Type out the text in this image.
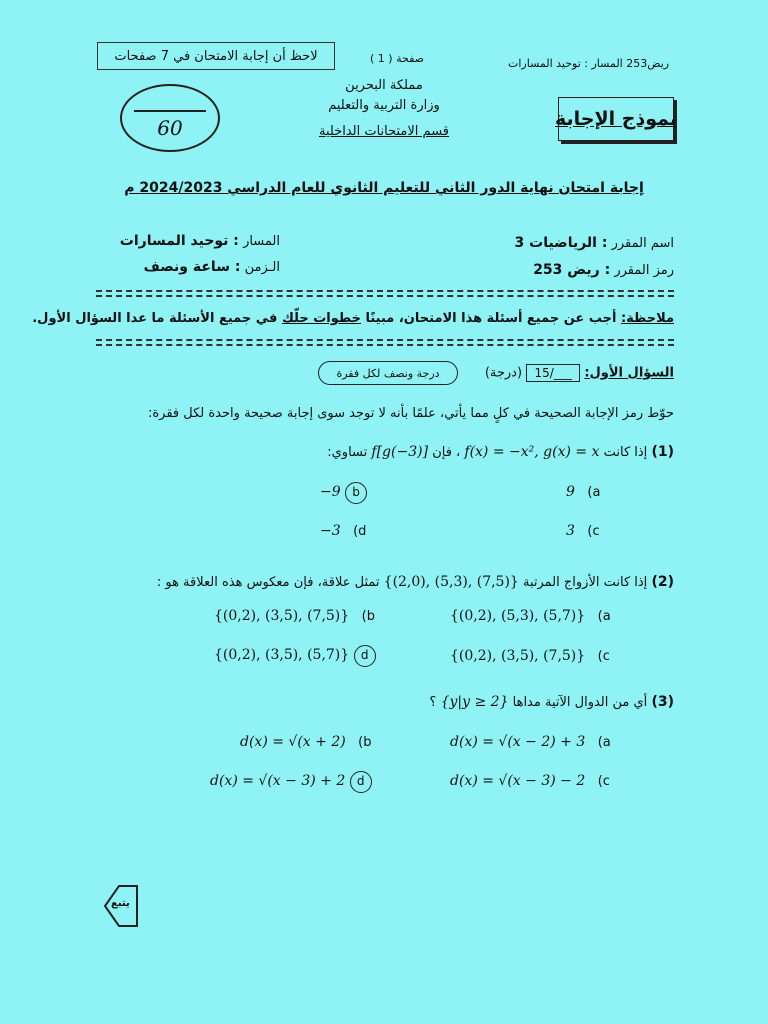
لاحظ أن إجابة الامتحان في 7 صفحات	صفحة ( 1 )	ريض253 المسار : توحيد المسارات
مملكة البحرين
وزارة التربية والتعليم
قسم الامتحانات الداخلية
60	نموذج الإجابة
إجابة امتحان نهاية الدور الثاني للتعليم الثانوي للعام الدراسي 2024/2023 م
اسم المقرر : الرياضيات 3
رمز المقرر : ريض 253
المسار : توحيد المسارات
الـزمن : ساعة ونصف
ملاحظة: أجب عن جميع أسئلة هذا الامتحان، مبينًا خطوات حلّك في جميع الأسئلة ما عدا السؤال الأول.
السؤال الأول: 15/___ (درجة)
درجة ونصف لكل فقرة
حوّط رمز الإجابة الصحيحة في كلٍ مما يأتي، علمًا بأنه لا توجد سوى إجابة صحيحة واحدة لكل فقرة:
(1) إذا كانت f(x) = −x², g(x) = x ، فإن f[g(−3)] تساوي:
9 (a
−9 b
3 (c
−3 (d
(2) إذا كانت الأزواج المرتبة {(2,0), (5,3), (7,5)} تمثل علاقة، فإن معكوس هذه العلاقة هو :
{(0,2), (5,3), (5,7)} (a
{(0,2), (3,5), (7,5)} (b
{(0,2), (3,5), (7,5)} (c
{(0,2), (3,5), (5,7)} d
(3) أي من الدوال الآتية مداها {y|y ≥ 2} ؟
d(x) = √(x − 2) + 3 (a
d(x) = √(x + 2) (b
d(x) = √(x − 3) − 2 (c
d(x) = √(x − 3) + 2 d
يتبع
